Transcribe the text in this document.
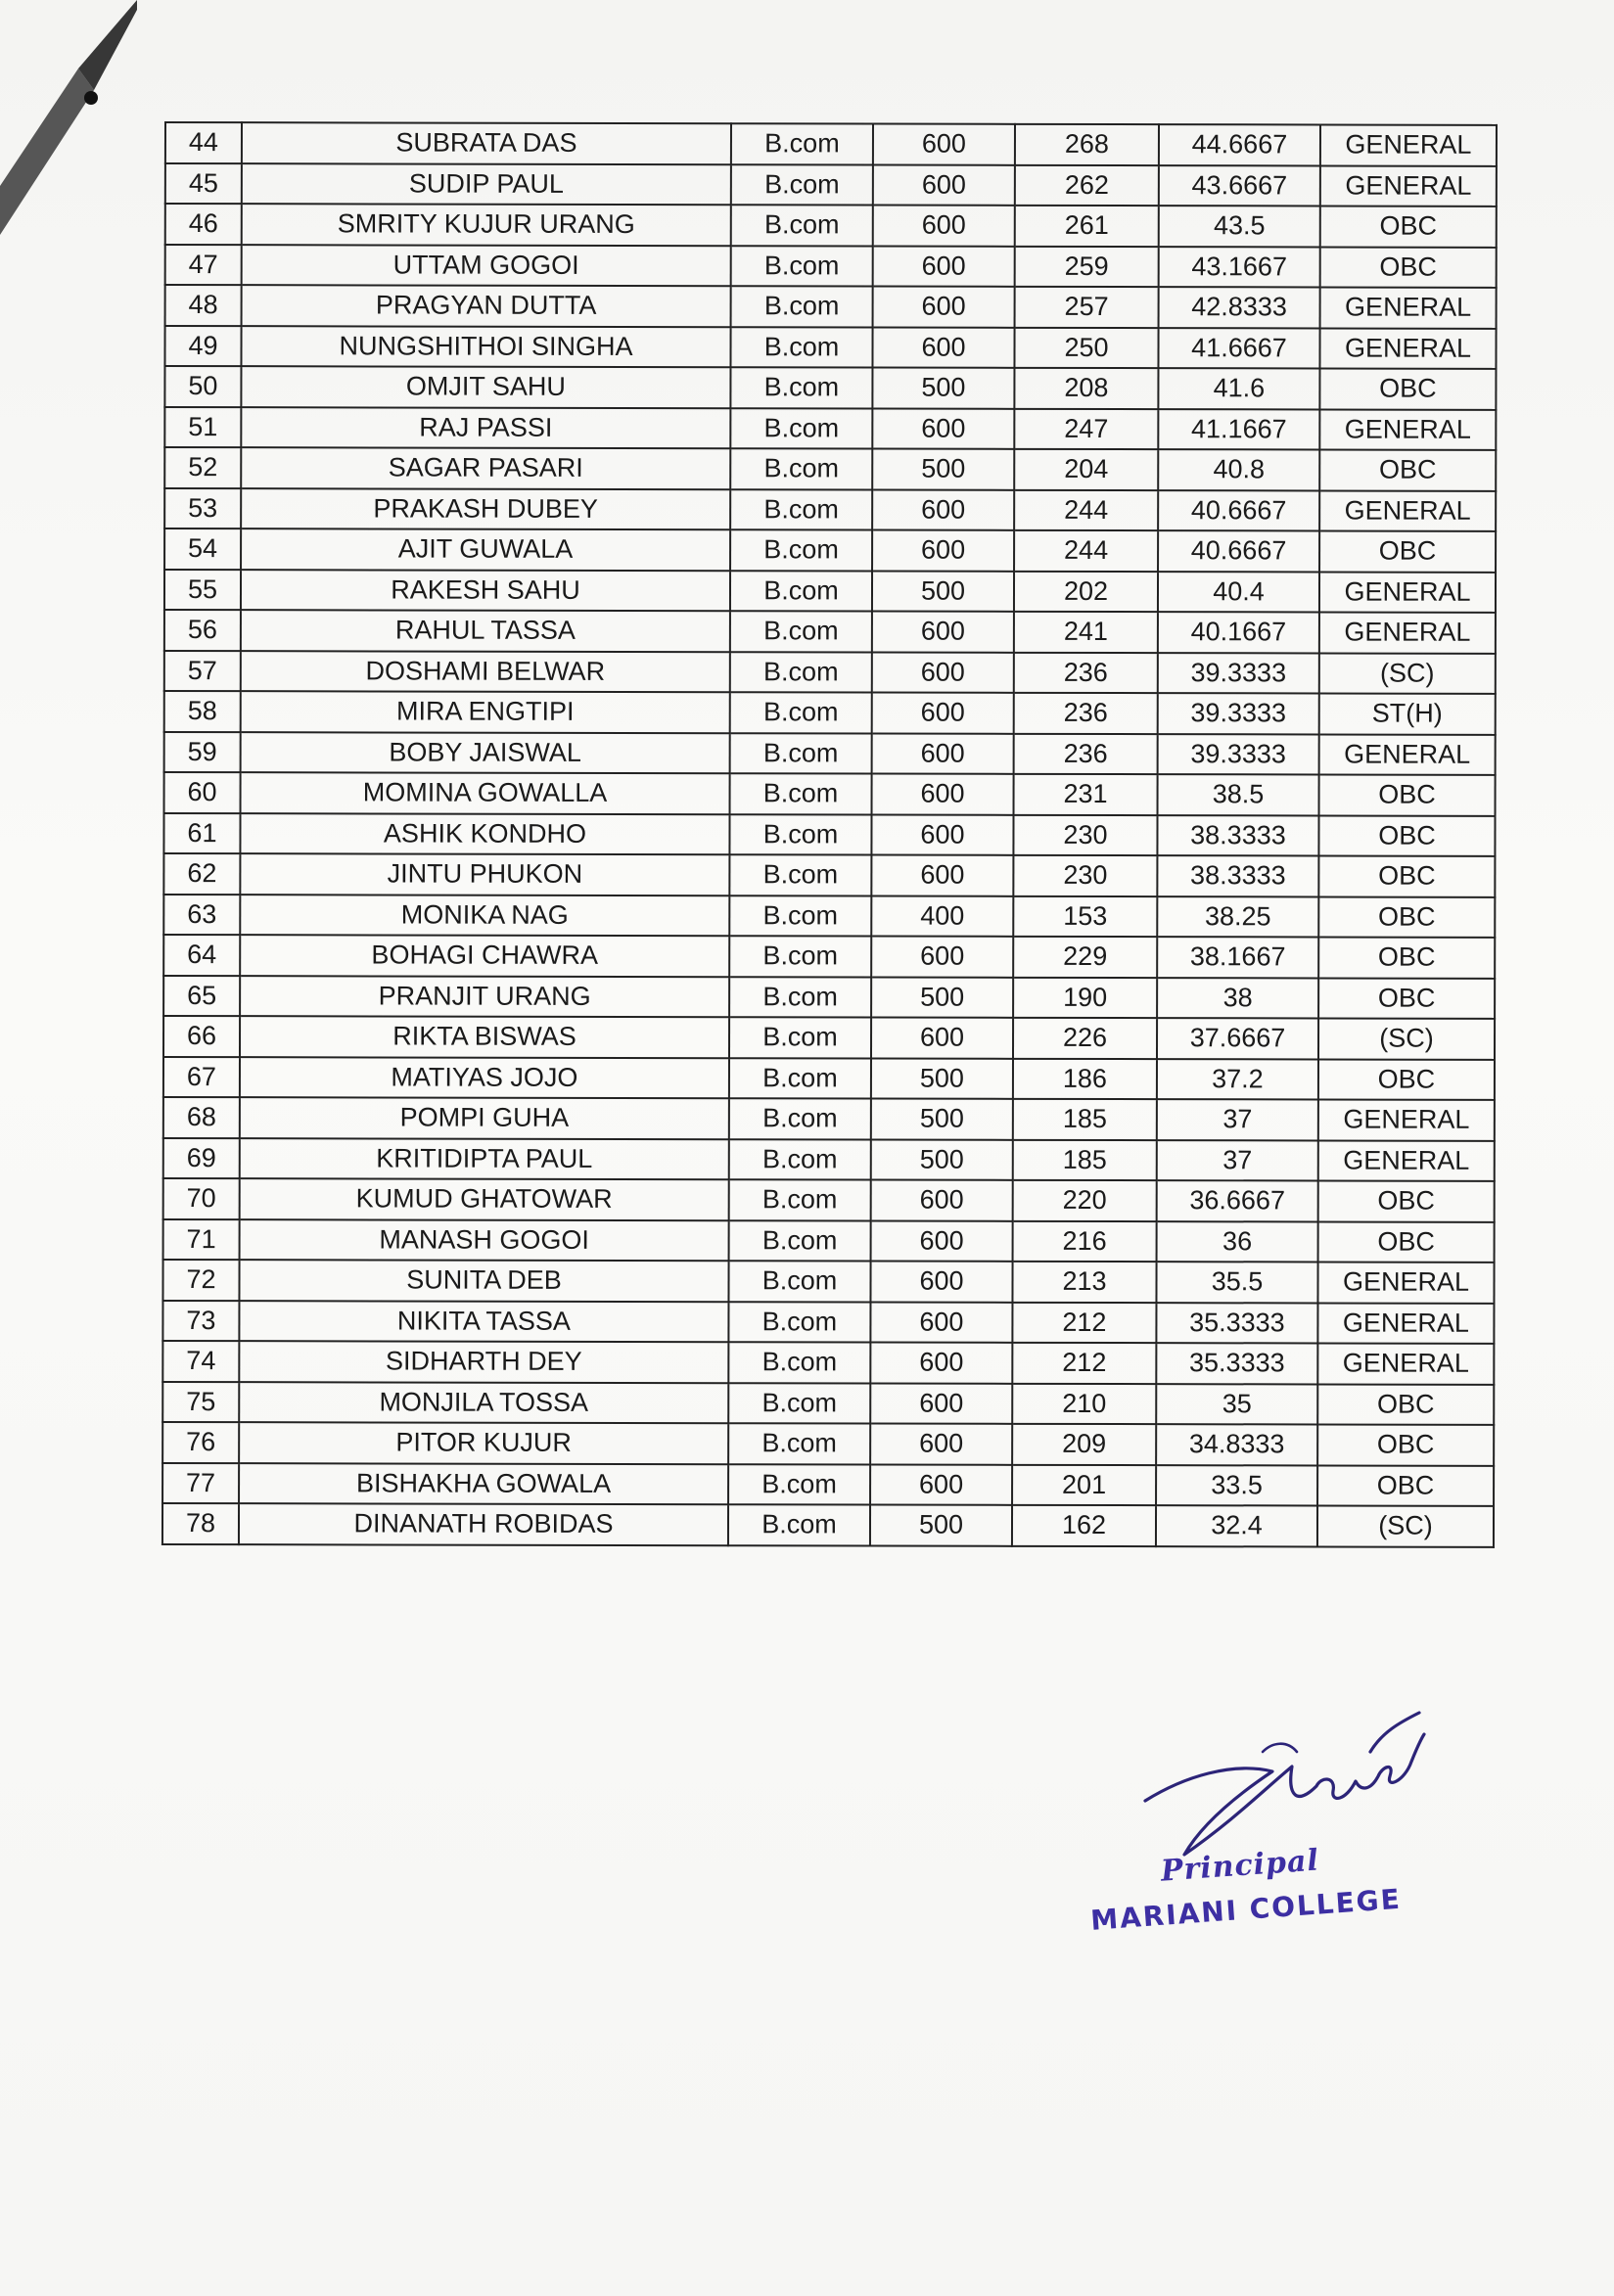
44	SUBRATA DAS	B.com	600	268	44.6667	GENERAL
45	SUDIP PAUL	B.com	600	262	43.6667	GENERAL
46	SMRITY KUJUR URANG	B.com	600	261	43.5	OBC
47	UTTAM GOGOI	B.com	600	259	43.1667	OBC
48	PRAGYAN DUTTA	B.com	600	257	42.8333	GENERAL
49	NUNGSHITHOI SINGHA	B.com	600	250	41.6667	GENERAL
50	OMJIT SAHU	B.com	500	208	41.6	OBC
51	RAJ PASSI	B.com	600	247	41.1667	GENERAL
52	SAGAR PASARI	B.com	500	204	40.8	OBC
53	PRAKASH DUBEY	B.com	600	244	40.6667	GENERAL
54	AJIT GUWALA	B.com	600	244	40.6667	OBC
55	RAKESH SAHU	B.com	500	202	40.4	GENERAL
56	RAHUL TASSA	B.com	600	241	40.1667	GENERAL
57	DOSHAMI BELWAR	B.com	600	236	39.3333	(SC)
58	MIRA ENGTIPI	B.com	600	236	39.3333	ST(H)
59	BOBY JAISWAL	B.com	600	236	39.3333	GENERAL
60	MOMINA GOWALLA	B.com	600	231	38.5	OBC
61	ASHIK KONDHO	B.com	600	230	38.3333	OBC
62	JINTU PHUKON	B.com	600	230	38.3333	OBC
63	MONIKA NAG	B.com	400	153	38.25	OBC
64	BOHAGI CHAWRA	B.com	600	229	38.1667	OBC
65	PRANJIT URANG	B.com	500	190	38	OBC
66	RIKTA BISWAS	B.com	600	226	37.6667	(SC)
67	MATIYAS JOJO	B.com	500	186	37.2	OBC
68	POMPI GUHA	B.com	500	185	37	GENERAL
69	KRITIDIPTA PAUL	B.com	500	185	37	GENERAL
70	KUMUD GHATOWAR	B.com	600	220	36.6667	OBC
71	MANASH GOGOI	B.com	600	216	36	OBC
72	SUNITA DEB	B.com	600	213	35.5	GENERAL
73	NIKITA TASSA	B.com	600	212	35.3333	GENERAL
74	SIDHARTH DEY	B.com	600	212	35.3333	GENERAL
75	MONJILA TOSSA	B.com	600	210	35	OBC
76	PITOR KUJUR	B.com	600	209	34.8333	OBC
77	BISHAKHA GOWALA	B.com	600	201	33.5	OBC
78	DINANATH ROBIDAS	B.com	500	162	32.4	(SC)
Principal
MARIANI COLLEGE
